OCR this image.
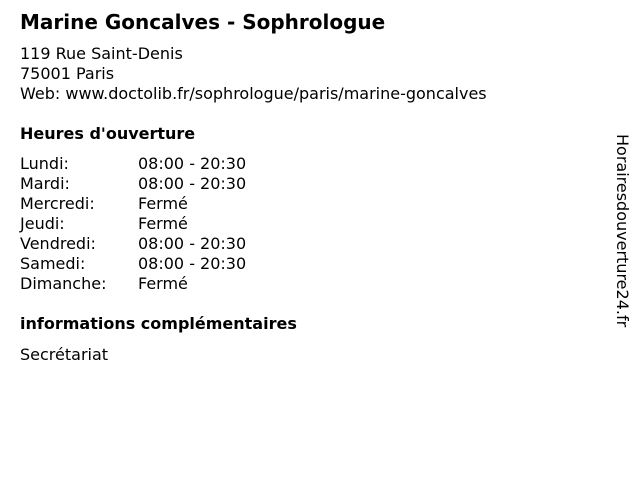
Marine Goncalves - Sophrologue
119 Rue Saint-Denis
75001 Paris
Web: www.doctolib.fr/sophrologue/paris/marine-goncalves
Heures d'ouverture
Lundi:	08:00 - 20:30
Mardi:	08:00 - 20:30
Mercredi:	Fermé
Jeudi:	Fermé
Vendredi:	08:00 - 20:30
Samedi:	08:00 - 20:30
Dimanche:	Fermé
informations complémentaires
Secrétariat
Horairesdouverture24.fr
